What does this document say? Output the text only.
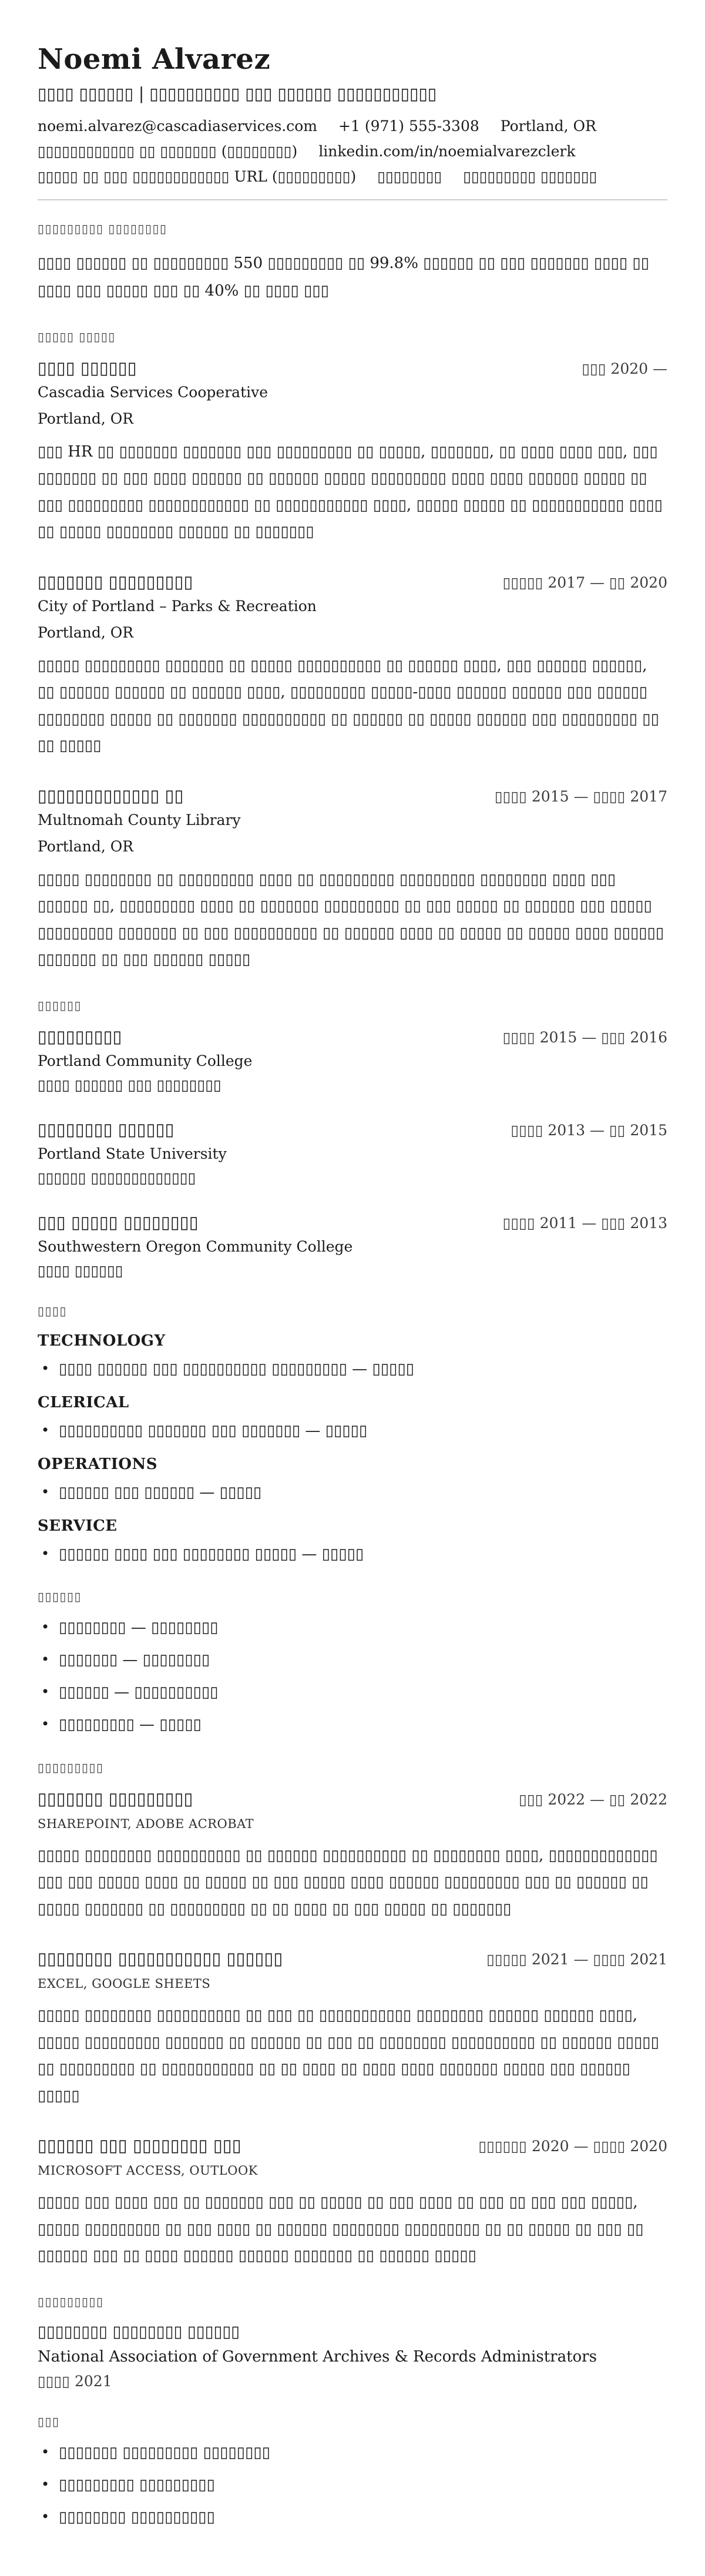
Noemi Alvarez
▯▯▯▯ ▯▯▯▯▯▯ | ▯▯▯▯▯▯▯▯▯▯ ▯▯▯ ▯▯▯▯▯▯ ▯▯▯▯▯▯▯▯▯▯▯
noemi.alvarez@cascadiaservices.com +1 (971) 555-3308 Portland, OR
▯▯▯▯▯▯▯▯▯▯▯▯ ▯▯ ▯▯▯▯▯▯▯ (▯▯▯▯▯▯▯▯) linkedin.com/in/noemialvarezclerk
▯▯▯▯▯ ▯▯ ▯▯▯ ▯▯▯▯▯▯▯▯▯▯▯▯ URL (▯▯▯▯▯▯▯▯▯) ▯▯▯▯▯▯▯▯ ▯▯▯▯▯▯▯▯▯ ▯▯▯▯▯▯▯
▯▯▯▯▯▯▯▯▯ ▯▯▯▯▯▯▯▯

▯▯▯▯ ▯▯▯▯▯▯ ▯▯ ▯▯▯▯▯▯▯▯▯ 550 ▯▯▯▯▯▯▯▯▯ ▯▯ 99.8% ▯▯▯▯▯▯ ▯▯ ▯▯▯ ▯▯▯▯▯▯▯ ▯▯▯▯ ▯▯ ▯▯▯▯ ▯▯▯ ▯▯▯▯▯ ▯▯▯ ▯▯ 40% ▯▯ ▯▯▯▯ ▯▯▯

▯▯▯▯▯ ▯▯▯▯▯
▯▯▯▯ ▯▯▯▯▯▯	▯▯▯ 2020 —
Cascadia Services Cooperative
Portland, OR

▯▯▯ HR ▯▯ ▯▯▯▯▯▯▯ ▯▯▯▯▯▯▯ ▯▯▯ ▯▯▯▯▯▯▯▯▯ ▯▯ ▯▯▯▯▯, ▯▯▯▯▯▯▯, ▯▯ ▯▯▯▯ ▯▯▯▯ ▯▯▯, ▯▯▯ ▯▯▯▯▯▯▯ ▯▯ ▯▯▯ ▯▯▯▯ ▯▯▯▯▯▯ ▯▯ ▯▯▯▯▯▯ ▯▯▯▯▯ ▯▯▯▯▯▯▯▯▯ ▯▯▯▯ ▯▯▯▯ ▯▯▯▯▯▯ ▯▯▯▯▯ ▯▯ ▯▯▯ ▯▯▯▯▯▯▯▯▯ ▯▯▯▯▯▯▯▯▯▯▯▯ ▯▯ ▯▯▯▯▯▯▯▯▯▯▯ ▯▯▯▯, ▯▯▯▯▯ ▯▯▯▯▯ ▯▯ ▯▯▯▯▯▯▯▯▯▯▯ ▯▯▯▯ ▯▯ ▯▯▯▯▯ ▯▯▯▯▯▯▯▯ ▯▯▯▯▯▯ ▯▯ ▯▯▯▯▯▯▯

▯▯▯▯▯▯▯ ▯▯▯▯▯▯▯▯▯	▯▯▯▯▯ 2017 — ▯▯ 2020
City of Portland – Parks & Recreation
Portland, OR

▯▯▯▯▯ ▯▯▯▯▯▯▯▯▯ ▯▯▯▯▯▯▯ ▯▯ ▯▯▯▯▯ ▯▯▯▯▯▯▯▯▯▯ ▯▯ ▯▯▯▯▯▯ ▯▯▯▯, ▯▯▯ ▯▯▯▯▯▯ ▯▯▯▯▯▯, ▯▯ ▯▯▯▯▯▯ ▯▯▯▯▯▯ ▯▯ ▯▯▯▯▯▯ ▯▯▯▯, ▯▯▯▯▯▯▯▯▯ ▯▯▯▯▯-▯▯▯▯ ▯▯▯▯▯▯ ▯▯▯▯▯▯ ▯▯▯ ▯▯▯▯▯▯ ▯▯▯▯▯▯▯▯ ▯▯▯▯▯ ▯▯ ▯▯▯▯▯▯▯ ▯▯▯▯▯▯▯▯▯▯ ▯▯ ▯▯▯▯▯▯ ▯▯ ▯▯▯▯▯ ▯▯▯▯▯▯ ▯▯▯ ▯▯▯▯▯▯▯▯▯ ▯▯ ▯▯ ▯▯▯▯▯

▯▯▯▯▯▯▯▯▯▯▯▯▯ ▯▯	▯▯▯▯ 2015 — ▯▯▯▯ 2017
Multnomah County Library
Portland, OR

▯▯▯▯▯ ▯▯▯▯▯▯▯▯ ▯▯ ▯▯▯▯▯▯▯▯▯ ▯▯▯▯ ▯▯ ▯▯▯▯▯▯▯▯▯ ▯▯▯▯▯▯▯▯▯ ▯▯▯▯▯▯▯▯ ▯▯▯▯ ▯▯▯ ▯▯▯▯▯▯ ▯▯, ▯▯▯▯▯▯▯▯▯ ▯▯▯▯ ▯▯ ▯▯▯▯▯▯▯ ▯▯▯▯▯▯▯▯▯ ▯▯ ▯▯▯ ▯▯▯▯▯ ▯▯ ▯▯▯▯▯▯ ▯▯▯ ▯▯▯▯▯ ▯▯▯▯▯▯▯▯▯ ▯▯▯▯▯▯▯ ▯▯ ▯▯▯ ▯▯▯▯▯▯▯▯▯▯ ▯▯ ▯▯▯▯▯▯ ▯▯▯▯ ▯▯ ▯▯▯▯▯ ▯▯ ▯▯▯▯▯ ▯▯▯▯ ▯▯▯▯▯▯ ▯▯▯▯▯▯▯ ▯▯ ▯▯▯ ▯▯▯▯▯▯ ▯▯▯▯▯

▯▯▯▯▯▯
▯▯▯▯▯▯▯▯▯	▯▯▯▯ 2015 — ▯▯▯ 2016
Portland Community College
▯▯▯▯ ▯▯▯▯▯▯ ▯▯▯ ▯▯▯▯▯▯▯▯
▯▯▯▯▯▯▯▯ ▯▯▯▯▯▯	▯▯▯▯ 2013 — ▯▯ 2015
Portland State University
▯▯▯▯▯▯ ▯▯▯▯▯▯▯▯▯▯▯▯▯
▯▯▯ ▯▯▯▯▯ ▯▯▯▯▯▯▯▯	▯▯▯▯ 2011 — ▯▯▯ 2013
Southwestern Oregon Community College
▯▯▯▯ ▯▯▯▯▯▯
▯▯▯▯
TECHNOLOGY
• ▯▯▯▯ ▯▯▯▯▯▯ ▯▯▯ ▯▯▯▯▯▯▯▯▯▯ ▯▯▯▯▯▯▯▯▯ — ▯▯▯▯▯
CLERICAL
• ▯▯▯▯▯▯▯▯▯▯ ▯▯▯▯▯▯▯ ▯▯▯ ▯▯▯▯▯▯▯ — ▯▯▯▯▯
OPERATIONS
• ▯▯▯▯▯▯ ▯▯▯ ▯▯▯▯▯▯ — ▯▯▯▯▯
SERVICE
• ▯▯▯▯▯▯ ▯▯▯▯ ▯▯▯ ▯▯▯▯▯▯▯▯ ▯▯▯▯▯ — ▯▯▯▯▯
▯▯▯▯▯▯
• ▯▯▯▯▯▯▯▯ — ▯▯▯▯▯▯▯▯
• ▯▯▯▯▯▯▯ — ▯▯▯▯▯▯▯▯
• ▯▯▯▯▯▯ — ▯▯▯▯▯▯▯▯▯▯
• ▯▯▯▯▯▯▯▯▯ — ▯▯▯▯▯
▯▯▯▯▯▯▯▯▯
▯▯▯▯▯▯▯ ▯▯▯▯▯▯▯▯▯	▯▯▯ 2022 — ▯▯ 2022
SHAREPOINT, ADOBE ACROBAT

▯▯▯▯▯ ▯▯▯▯▯▯▯▯ ▯▯▯▯▯▯▯▯▯▯ ▯▯ ▯▯▯▯▯▯ ▯▯▯▯▯▯▯▯▯▯ ▯▯ ▯▯▯▯▯▯▯▯ ▯▯▯▯, ▯▯▯▯▯▯▯▯▯▯▯▯▯ ▯▯▯ ▯▯▯ ▯▯▯▯▯ ▯▯▯▯ ▯▯ ▯▯▯▯▯ ▯▯ ▯▯▯ ▯▯▯▯▯ ▯▯▯▯ ▯▯▯▯▯▯ ▯▯▯▯▯▯▯▯▯ ▯▯▯ ▯▯ ▯▯▯▯▯▯ ▯▯ ▯▯▯▯▯ ▯▯▯▯▯▯▯ ▯▯ ▯▯▯▯▯▯▯▯▯ ▯▯ ▯▯ ▯▯▯▯ ▯▯ ▯▯▯ ▯▯▯▯▯ ▯▯ ▯▯▯▯▯▯▯

▯▯▯▯▯▯▯▯ ▯▯▯▯▯▯▯▯▯▯▯ ▯▯▯▯▯▯	▯▯▯▯▯ 2021 — ▯▯▯▯ 2021
EXCEL, GOOGLE SHEETS

▯▯▯▯▯ ▯▯▯▯▯▯▯▯ ▯▯▯▯▯▯▯▯▯▯ ▯▯ ▯▯▯ ▯▯ ▯▯▯▯▯▯▯▯▯▯▯ ▯▯▯▯▯▯▯▯ ▯▯▯▯▯▯ ▯▯▯▯▯▯ ▯▯▯▯, ▯▯▯▯▯ ▯▯▯▯▯▯▯▯▯ ▯▯▯▯▯▯▯ ▯▯ ▯▯▯▯▯▯ ▯▯ ▯▯▯ ▯▯ ▯▯▯▯▯▯▯▯ ▯▯▯▯▯▯▯▯▯▯ ▯▯ ▯▯▯▯▯▯ ▯▯▯▯▯ ▯▯ ▯▯▯▯▯▯▯▯▯ ▯▯ ▯▯▯▯▯▯▯▯▯▯▯ ▯▯ ▯▯ ▯▯▯▯ ▯▯ ▯▯▯▯ ▯▯▯▯ ▯▯▯▯▯▯▯ ▯▯▯▯▯ ▯▯▯ ▯▯▯▯▯▯ ▯▯▯▯▯

▯▯▯▯▯▯ ▯▯▯ ▯▯▯▯▯▯▯▯ ▯▯▯	▯▯▯▯▯▯ 2020 — ▯▯▯▯ 2020
MICROSOFT ACCESS, OUTLOOK

▯▯▯▯▯ ▯▯▯ ▯▯▯▯ ▯▯▯ ▯▯ ▯▯▯▯▯▯▯ ▯▯▯ ▯▯ ▯▯▯▯▯ ▯▯ ▯▯▯ ▯▯▯▯ ▯▯ ▯▯▯ ▯▯ ▯▯▯ ▯▯▯ ▯▯▯▯▯, ▯▯▯▯▯ ▯▯▯▯▯▯▯▯▯ ▯▯ ▯▯▯ ▯▯▯▯ ▯▯ ▯▯▯▯▯▯ ▯▯▯▯▯▯▯▯ ▯▯▯▯▯▯▯▯▯ ▯▯ ▯▯ ▯▯▯▯▯ ▯▯ ▯▯▯ ▯▯ ▯▯▯▯▯▯ ▯▯▯ ▯▯ ▯▯▯▯ ▯▯▯▯▯▯ ▯▯▯▯▯▯ ▯▯▯▯▯▯▯ ▯▯ ▯▯▯▯▯▯ ▯▯▯▯▯

▯▯▯▯▯▯▯▯▯
▯▯▯▯▯▯▯▯ ▯▯▯▯▯▯▯▯ ▯▯▯▯▯▯
National Association of Government Archives & Records Administrators
▯▯▯▯ 2021
▯▯▯
• ▯▯▯▯▯▯▯ ▯▯▯▯▯▯▯▯▯ ▯▯▯▯▯▯▯▯
• ▯▯▯▯▯▯▯▯▯ ▯▯▯▯▯▯▯▯▯
• ▯▯▯▯▯▯▯▯ ▯▯▯▯▯▯▯▯▯▯
